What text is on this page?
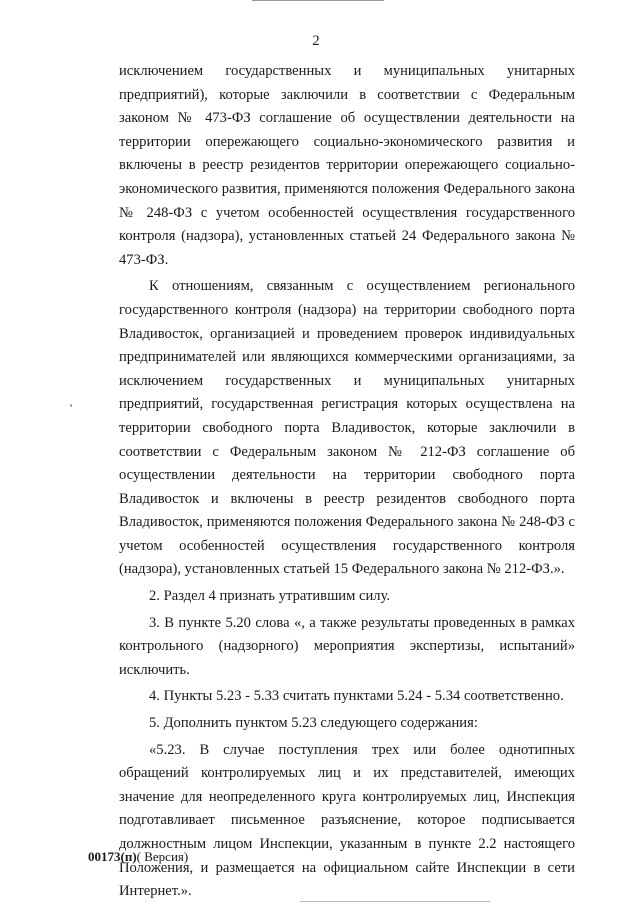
2

исключением государственных и муниципальных унитарных предприятий), которые заключили в соответствии с Федеральным законом № 473-ФЗ соглашение об осуществлении деятельности на территории опережающего социально-экономического развития и включены в реестр резидентов территории опережающего социально-экономического развития, применяются положения Федерального закона № 248-ФЗ с учетом особенностей осуществления государственного контроля (надзора), установленных статьей 24 Федерального закона № 473-ФЗ.

К отношениям, связанным с осуществлением регионального государственного контроля (надзора) на территории свободного порта Владивосток, организацией и проведением проверок индивидуальных предпринимателей или являющихся коммерческими организациями, за исключением государственных и муниципальных унитарных предприятий, государственная регистрация которых осуществлена на территории свободного порта Владивосток, которые заключили в соответствии с Федеральным законом № 212-ФЗ соглашение об осуществлении деятельности на территории свободного порта Владивосток и включены в реестр резидентов свободного порта Владивосток, применяются положения Федерального закона № 248-ФЗ с учетом особенностей осуществления государственного контроля (надзора), установленных статьей 15 Федерального закона № 212-ФЗ.».

2. Раздел 4 признать утратившим силу.

3. В пункте 5.20 слова «, а также результаты проведенных в рамках контрольного (надзорного) мероприятия экспертизы, испытаний» исключить.

4. Пункты 5.23 - 5.33 считать пунктами 5.24 - 5.34 соответственно.

5. Дополнить пунктом 5.23 следующего содержания:

«5.23. В случае поступления трех или более однотипных обращений контролируемых лиц и их представителей, имеющих значение для неопределенного круга контролируемых лиц, Инспекция подготавливает письменное разъяснение, которое подписывается должностным лицом Инспекции, указанным в пункте 2.2 настоящего Положения, и размещается на официальном сайте Инспекции в сети Интернет.».

00173(п)( Версия)
